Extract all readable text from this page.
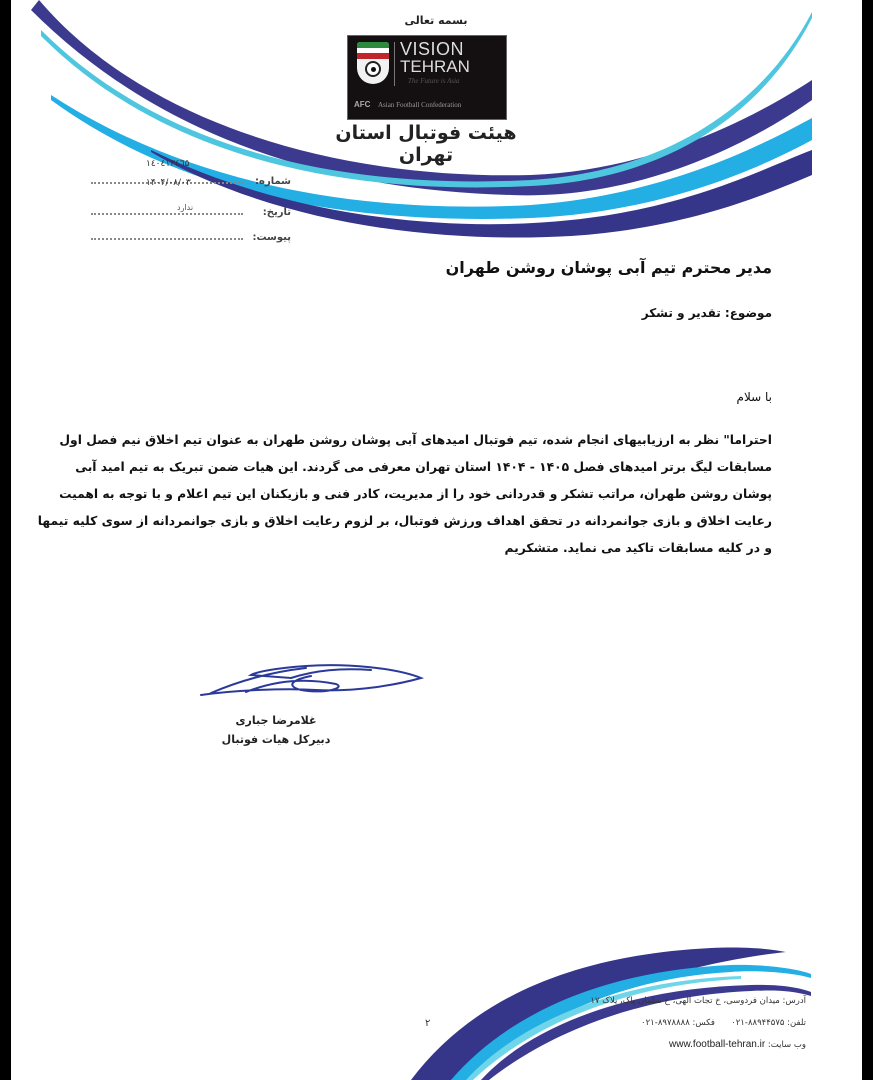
بسمه تعالی
VISION
TEHRAN
The Future is Asia
AFC Asian Football Confederation
هیئت فوتبال استان تهران
شماره:
۱٤۰٤۱۳٤٦۵
۱۴۰۴/۰۸/۰۳
تاریخ:
ندارد
پیوست:
مدیر محترم تیم آبی پوشان روشن طهران
موضوع: تقدیر و تشکر
با سلام
احتراما" نظر به ارزیابیهای انجام شده، تیم فوتبال امیدهای آبی پوشان روشن طهران به عنوان تیم اخلاق نیم فصل اول
مسابقات لیگ برتر امیدهای فصل ۱۴۰۵ - ۱۴۰۴ استان تهران معرفی می گردند. این هیات ضمن تبریک به تیم امید آبی
پوشان روشن طهران، مراتب تشکر و قدردانی خود را از مدیریت، کادر فنی و بازیکنان این تیم اعلام و با توجه به اهمیت
رعایت اخلاق و بازی جوانمردانه در تحقق اهداف ورزش فوتبال، بر لزوم رعایت اخلاق و بازی جوانمردانه از سوی کلیه تیمها
و در کلیه مسابقات تاکید می نماید. متشکریم
غلامرضا جباری
دبیرکل هیات فوتبال
۲
آدرس: میدان فردوسی، خ تجات الهی، خ سلمان پاک، پلاک ۱۷
تلفن: ۸۸۹۴۴۵۷۵-۰۲۱      فکس: ۸۹۷۸۸۸۸-۰۲۱
وب سایت: www.football-tehran.ir
